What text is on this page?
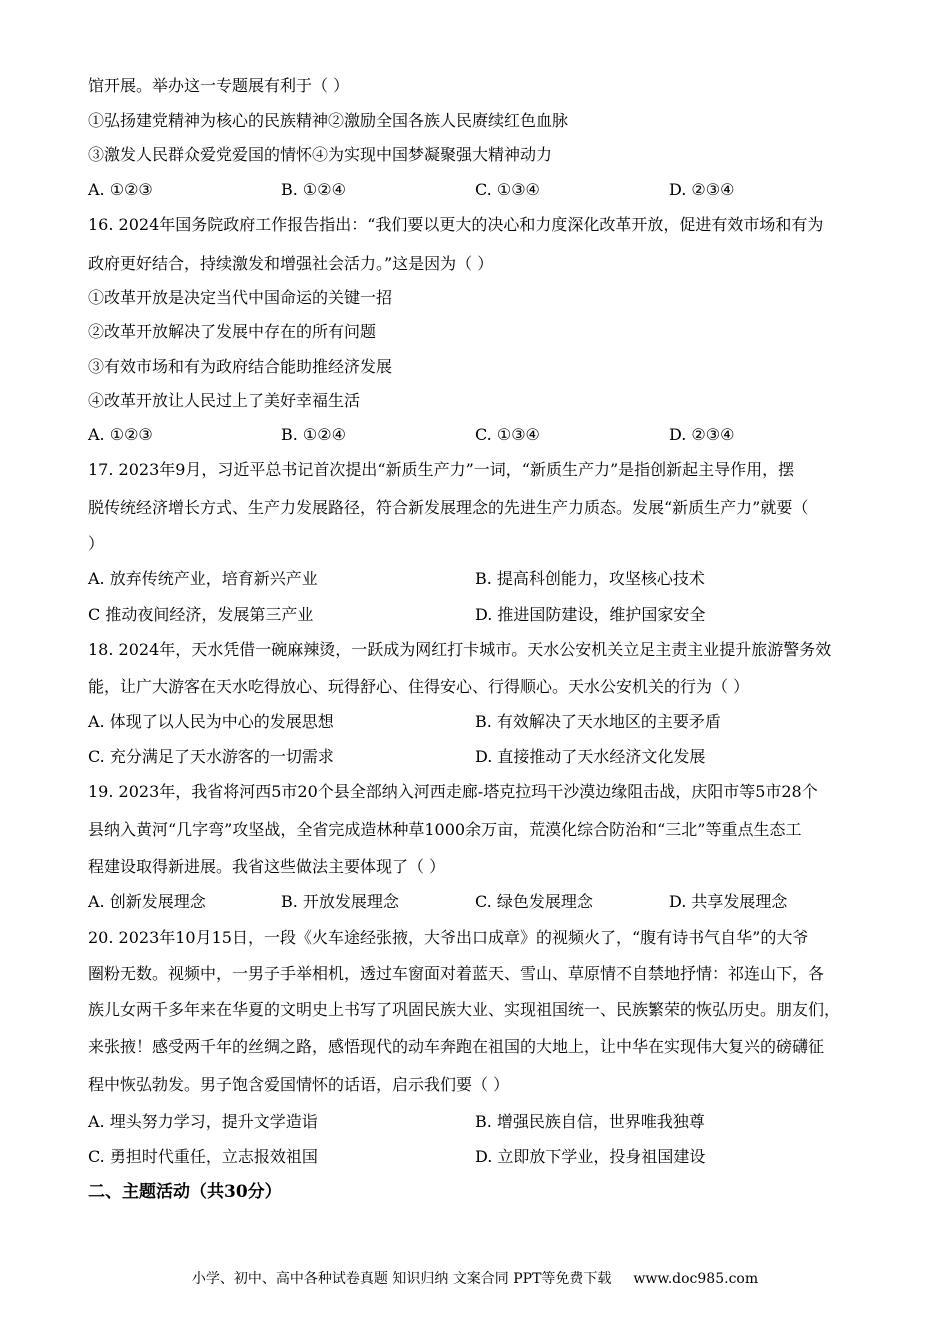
馆开展。举办这一专题展有利于（ ）
①弘扬建党精神为核心的民族精神②激励全国各族人民赓续红色血脉
③激发人民群众爱党爱国的情怀④为实现中国梦凝聚强大精神动力
A. ①②③	B. ①②④	C. ①③④	D. ②③④
16. 2024年国务院政府工作报告指出：“我们要以更大的决心和力度深化改革开放，促进有效市场和有为
政府更好结合，持续激发和增强社会活力。”这是因为（ ）
①改革开放是决定当代中国命运的关键一招
②改革开放解决了发展中存在的所有问题
③有效市场和有为政府结合能助推经济发展
④改革开放让人民过上了美好幸福生活
A. ①②③	B. ①②④	C. ①③④	D. ②③④
17. 2023年9月，习近平总书记首次提出“新质生产力”一词，“新质生产力”是指创新起主导作用，摆
脱传统经济增长方式、生产力发展路径，符合新发展理念的先进生产力质态。发展“新质生产力”就要（
）
A. 放弃传统产业，培育新兴产业	B. 提高科创能力，攻坚核心技术
C 推动夜间经济，发展第三产业	D. 推进国防建设，维护国家安全
18. 2024年，天水凭借一碗麻辣烫，一跃成为网红打卡城市。天水公安机关立足主责主业提升旅游警务效
能，让广大游客在天水吃得放心、玩得舒心、住得安心、行得顺心。天水公安机关的行为（ ）
A. 体现了以人民为中心的发展思想	B. 有效解决了天水地区的主要矛盾
C. 充分满足了天水游客的一切需求	D. 直接推动了天水经济文化发展
19. 2023年，我省将河西5市20个县全部纳入河西走廊-塔克拉玛干沙漠边缘阻击战，庆阳市等5市28个
县纳入黄河“几字弯”攻坚战，全省完成造林种草1000余万亩，荒漠化综合防治和“三北”等重点生态工
程建设取得新进展。我省这些做法主要体现了（ ）
A. 创新发展理念	B. 开放发展理念	C. 绿色发展理念	D. 共享发展理念
20. 2023年10月15日，一段《火车途经张掖，大爷出口成章》的视频火了，“腹有诗书气自华”的大爷
圈粉无数。视频中，一男子手举相机，透过车窗面对着蓝天、雪山、草原情不自禁地抒情：祁连山下，各
族儿女两千多年来在华夏的文明史上书写了巩固民族大业、实现祖国统一、民族繁荣的恢弘历史。朋友们，
来张掖！感受两千年的丝绸之路，感悟现代的动车奔跑在祖国的大地上，让中华在实现伟大复兴的磅礴征
程中恢弘勃发。男子饱含爱国情怀的话语，启示我们要（ ）
A. 埋头努力学习，提升文学造诣	B. 增强民族自信，世界唯我独尊
C. 勇担时代重任，立志报效祖国	D. 立即放下学业，投身祖国建设
二、主题活动（共30分）
小学、初中、高中各种试卷真题 知识归纳 文案合同 PPT等免费下载 www.doc985.com
